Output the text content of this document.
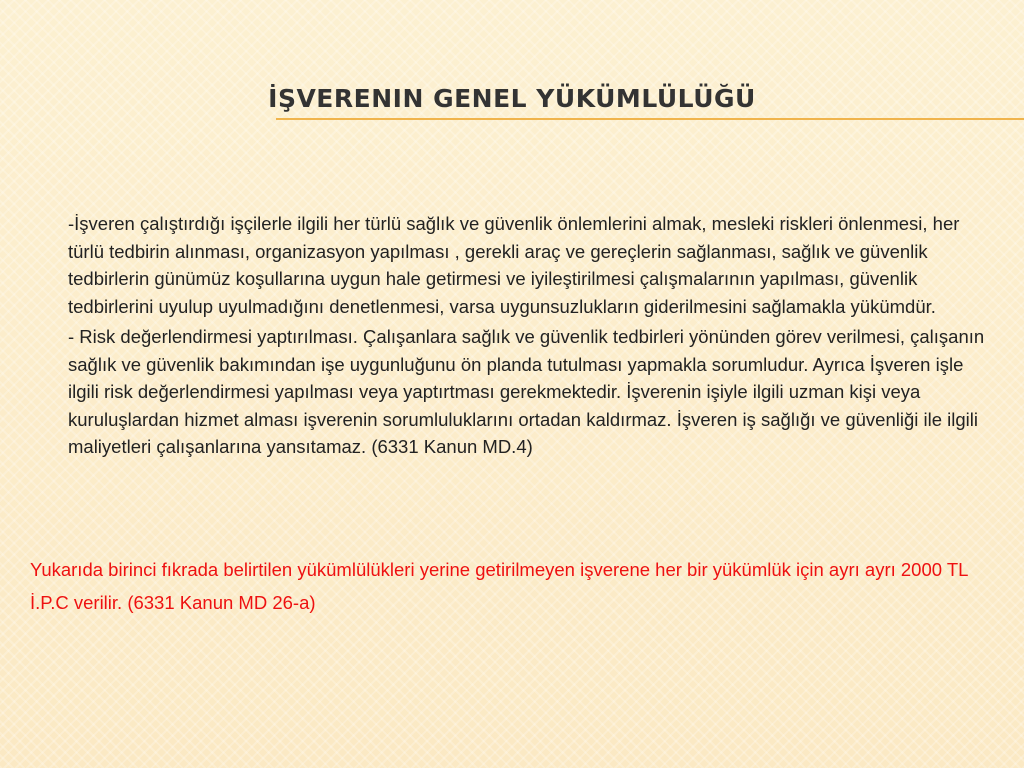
İŞVERENIN GENEL YÜKÜMLÜLÜĞÜ

-İşveren çalıştırdığı işçilerle ilgili her türlü sağlık ve güvenlik önlemlerini almak, mesleki riskleri önlenmesi, her türlü tedbirin alınması, organizasyon yapılması , gerekli araç ve gereçlerin sağlanması, sağlık ve güvenlik tedbirlerin günümüz koşullarına uygun hale getirmesi ve iyileştirilmesi çalışmalarının yapılması, güvenlik tedbirlerini uyulup uyulmadığını denetlenmesi, varsa uygunsuzlukların giderilmesini sağlamakla yükümdür.

- Risk değerlendirmesi yaptırılması. Çalışanlara sağlık ve güvenlik tedbirleri yönünden görev verilmesi, çalışanın sağlık ve güvenlik bakımından işe uygunluğunu ön planda tutulması yapmakla sorumludur. Ayrıca İşveren işle ilgili risk değerlendirmesi yapılması veya yaptırtması gerekmektedir. İşverenin işiyle ilgili uzman kişi veya kuruluşlardan hizmet alması işverenin sorumluluklarını ortadan kaldırmaz. İşveren iş sağlığı ve güvenliği ile ilgili maliyetleri çalışanlarına yansıtamaz. (6331 Kanun MD.4)

Yukarıda birinci fıkrada belirtilen yükümlülükleri yerine getirilmeyen işverene her bir yükümlük için ayrı ayrı 2000 TL İ.P.C verilir. (6331 Kanun MD 26-a)
